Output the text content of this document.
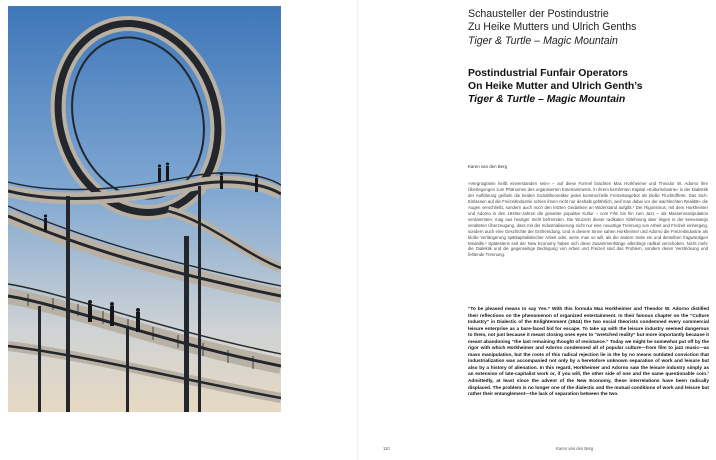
Schausteller der Postindustrie
Zu Heike Mutters und Ulrich Genths
Tiger & Turtle – Magic Mountain
Postindustrial Funfair Operators
On Heike Mutter and Ulrich Genth’s
Tiger & Turtle – Magic Mountain
Karen van den Berg
»Vergnügtsein heißt einverstanden sein« – auf diese Formel brachten Max Horkheimer und Theodor W. Adorno ihre Überlegungen zum Phänomen des organisierten Entertainments. In ihrem berühmten Kapital »Kulturindustrie« in der Dialektik der Aufklärung geißeln die beiden Sozialtheoretiker jedes kommerzielle Freizeitangebot als bloße Fluchtofferte. Das Sich-Einlassen auf die Freizeitindustrie schien ihnen nicht nur deshalb gefährlich, weil man dabei vor der wachlechten Realität« die Augen verschließt, sondern auch noch den letzten Gedanken an Widerstand aufgibt.¹ Der Rigorismus, mit dem Horkheimer und Adorno in den 1940er-Jahren die gesamte populäre Kultur – vom Film bis hin zum Jazz – als Massenmanipulation verdammten, mag aus heutiger Sicht befremden. Die Wurzeln dieser radikalen Ablehnung aber liegen in der keineswegs veralteten Überzeugung, dass mit der Industrialisierung nicht nur eine neuartige Trennung von Arbeit und Freizeit einherging, sondern auch eine Geschichte der Entfremdung. Und in diesem Sinne sahen Horkheimer und Adorno die Freizeitindustrie als bloße Verlängerung spätkapitalistischer Arbeit oder, wenn man so will, als die andere Seite ein und derselben fragwürdigen Medaille.² Spätestens seit der New Economy haben sich diese Zusammenhänge allerdings radikal verschoben. Nicht mehr die Dialektik und die gegenseitige Bedingung von Arbeit und Freizeit sind das Problem, sondern deren Verstrickung und fehlende Trennung.
“To be pleased means to say Yes.” With this formula Max Horkheimer and Theodor W. Adorno distilled their reflections on the phenomenon of organized entertainment. In their famous chapter on the “Culture Industry” in Dialectic of the Enlightenment (1944) the two social theorists condemned every commercial leisure enterprise as a bare-faced bid for escape. To take up with the leisure industry seemed dangerous to them, not just because it meant closing ones eyes to “wretched reality” but more importantly because it meant abandoning “the last remaining thought of resistance.” Today we might be somewhat put off by the rigor with which Horkheimer and Adorno condemned all of popular culture—from film to jazz music—as mass manipulation, but the roots of this radical rejection lie in the by no means outdated conviction that industrialization was accompanied not only by a heretofore unknown separation of work and leisure but also by a history of alienation. In this regard, Horkheimer and Adorno saw the leisure industry simply as an extension of late-capitalist work or, if you will, the other side of one and the same questionable coin.² Admittedly, at least since the advent of the New Economy, these interrelations have been radically displaced. The problem is no longer one of the dialectic and the mutual conditions of work and leisure but rather their entanglement—the lack of separation between the two.
110	Karen van den Berg
